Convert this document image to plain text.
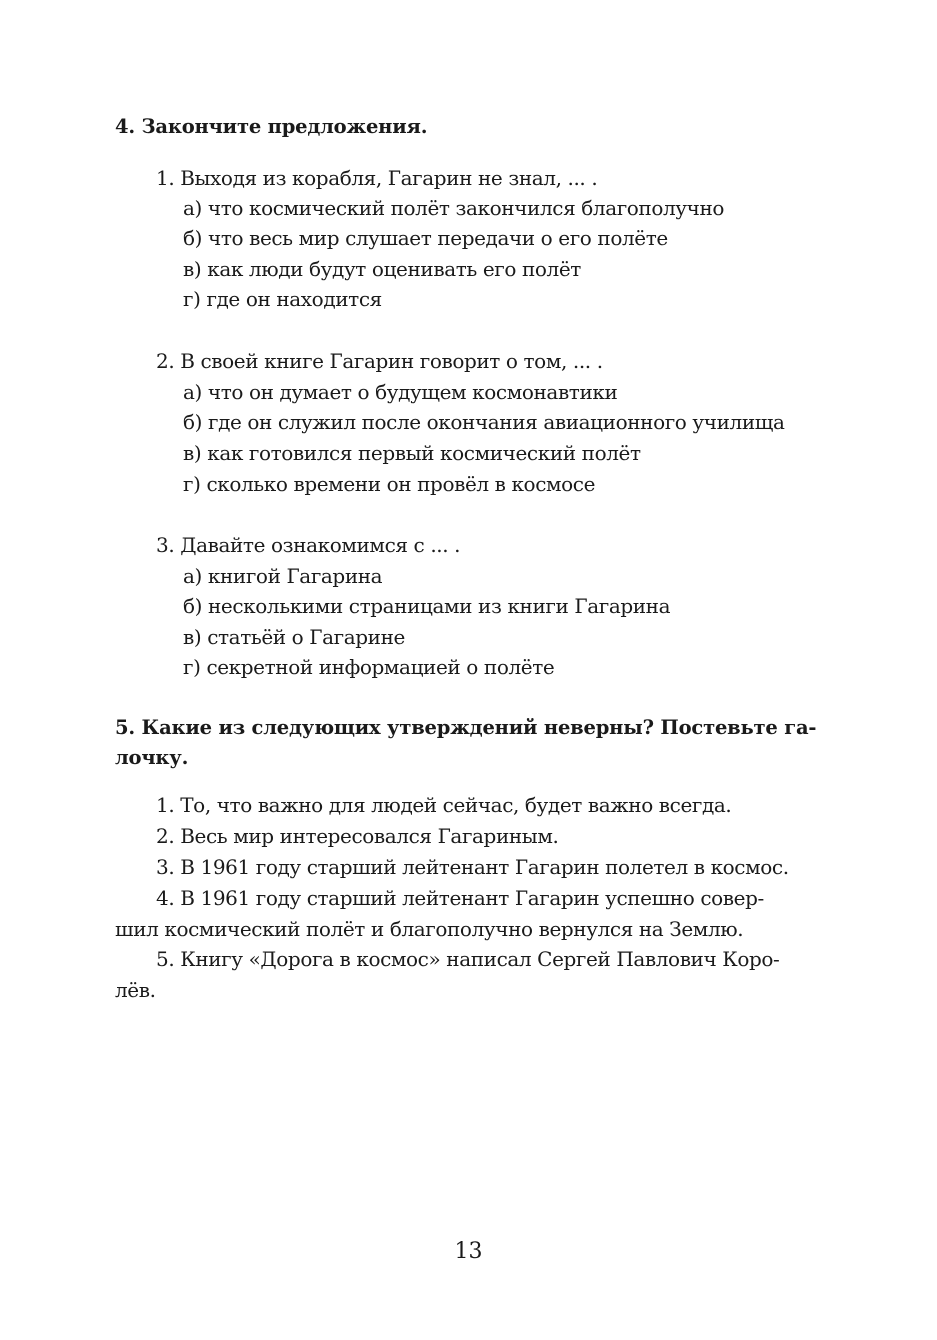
4. Закончите предложения.
1. Выходя из корабля, Гагарин не знал, ... .
а) что космический полёт закончился благополучно
б) что весь мир слушает передачи о его полёте
в) как люди будут оценивать его полёт
г) где он находится
2. В своей книге Гагарин говорит о том, ... .
а) что он думает о будущем космонавтики
б) где он служил после окончания авиационного училища
в) как готовился первый космический полёт
г) сколько времени он провёл в космосе
3. Давайте ознакомимся с ... .
а) книгой Гагарина
б) несколькими страницами из книги Гагарина
в) статьёй о Гагарине
г) секретной информацией о полёте
5. Какие из следующих утверждений неверны? Постевьте га-
лочку.
1. То, что важно для людей сейчас, будет важно всегда.
2. Весь мир интересовался Гагариным.
3. В 1961 году старший лейтенант Гагарин полетел в космос.
4. В 1961 году старший лейтенант Гагарин успешно совер-
шил космический полёт и благополучно вернулся на Землю.
5. Книгу «Дорога в космос» написал Сергей Павлович Коро-
лёв.
13
